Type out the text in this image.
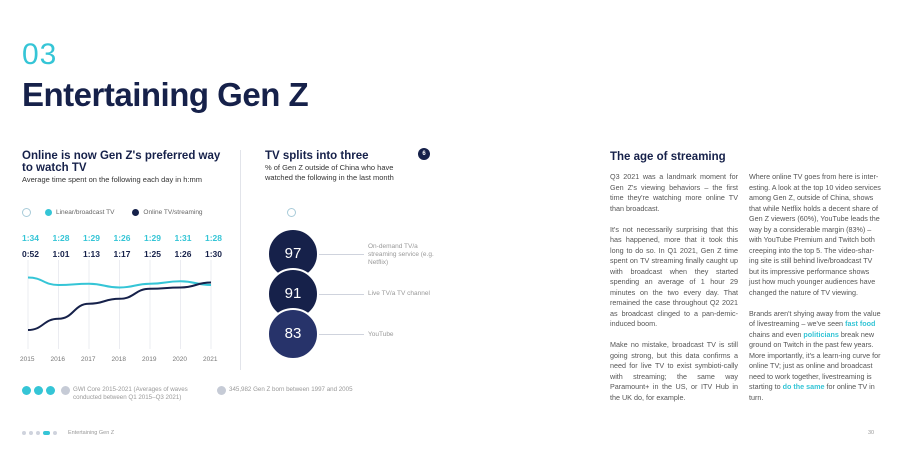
03
Entertaining Gen Z
Online is now Gen Z's preferred way to watch TV
Average time spent on the following each day in h:mm
Linear/broadcast TV	Online TV/streaming
1:34	1:28	1:29	1:26	1:29	1:31	1:28
0:52	1:01	1:13	1:17	1:25	1:26	1:30
2015	2016	2017	2018	2019	2020	2021
TV splits into three
% of Gen Z outside of China who have watched the following in the last month
6
97
91
83
On-demand TV/a streaming service (e.g. Netflix)
Live TV/a TV channel
YouTube
GWI Core 2015-2021 (Averages of waves conducted between Q1 2015–Q3 2021)
345,982 Gen Z born between 1997 and 2005
The age of streaming

Q3 2021 was a landmark moment for Gen Z's viewing behaviors – the first time they're watching more online TV than broadcast.

It's not necessarily surprising that this has happened, more that it took this long to do so. In Q1 2021, Gen Z time spent on TV streaming finally caught up with broadcast when they started spending an average of 1 hour 29 minutes on the two every day. That remained the case throughout Q2 2021 as broadcast clinged to a pan-demic-induced boom.

Make no mistake, broadcast TV is still going strong, but this data confirms a need for live TV to exist symbioti-cally with streaming; the same way Paramount+ in the US, or ITV Hub in the UK do, for example.

Where online TV goes from here is inter-esting. A look at the top 10 video services among Gen Z, outside of China, shows that while Netflix holds a decent share of Gen Z viewers (60%), YouTube leads the way by a considerable margin (83%) – with YouTube Premium and Twitch both creeping into the top 5. The video-shar-ing site is still behind live/broadcast TV but its impressive performance shows just how much younger audiences have changed the nature of TV viewing.

Brands aren't shying away from the value of livestreaming – we've seen fast food chains and even politicians break new ground on Twitch in the past few years. More importantly, it's a learn-ing curve for online TV; just as online and broadcast need to work together, livestreaming is starting to do the same for online TV in turn.

Entertaining Gen Z	30
